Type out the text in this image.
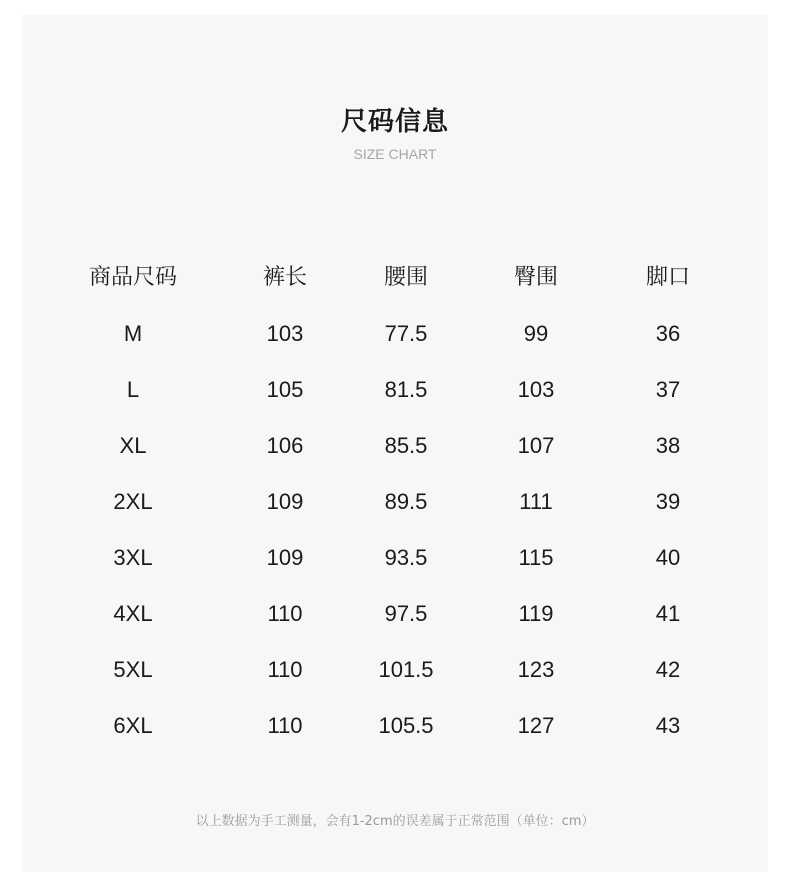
尺码信息
SIZE CHART
商品尺码	裤长	腰围	臀围	脚口
M	103	77.5	99	36
L	105	81.5	103	37
XL	106	85.5	107	38
2XL	109	89.5	111	39
3XL	109	93.5	115	40
4XL	110	97.5	119	41
5XL	110	101.5	123	42
6XL	110	105.5	127	43
以上数据为手工测量，会有1-2cm的误差属于正常范围（单位：cm）
